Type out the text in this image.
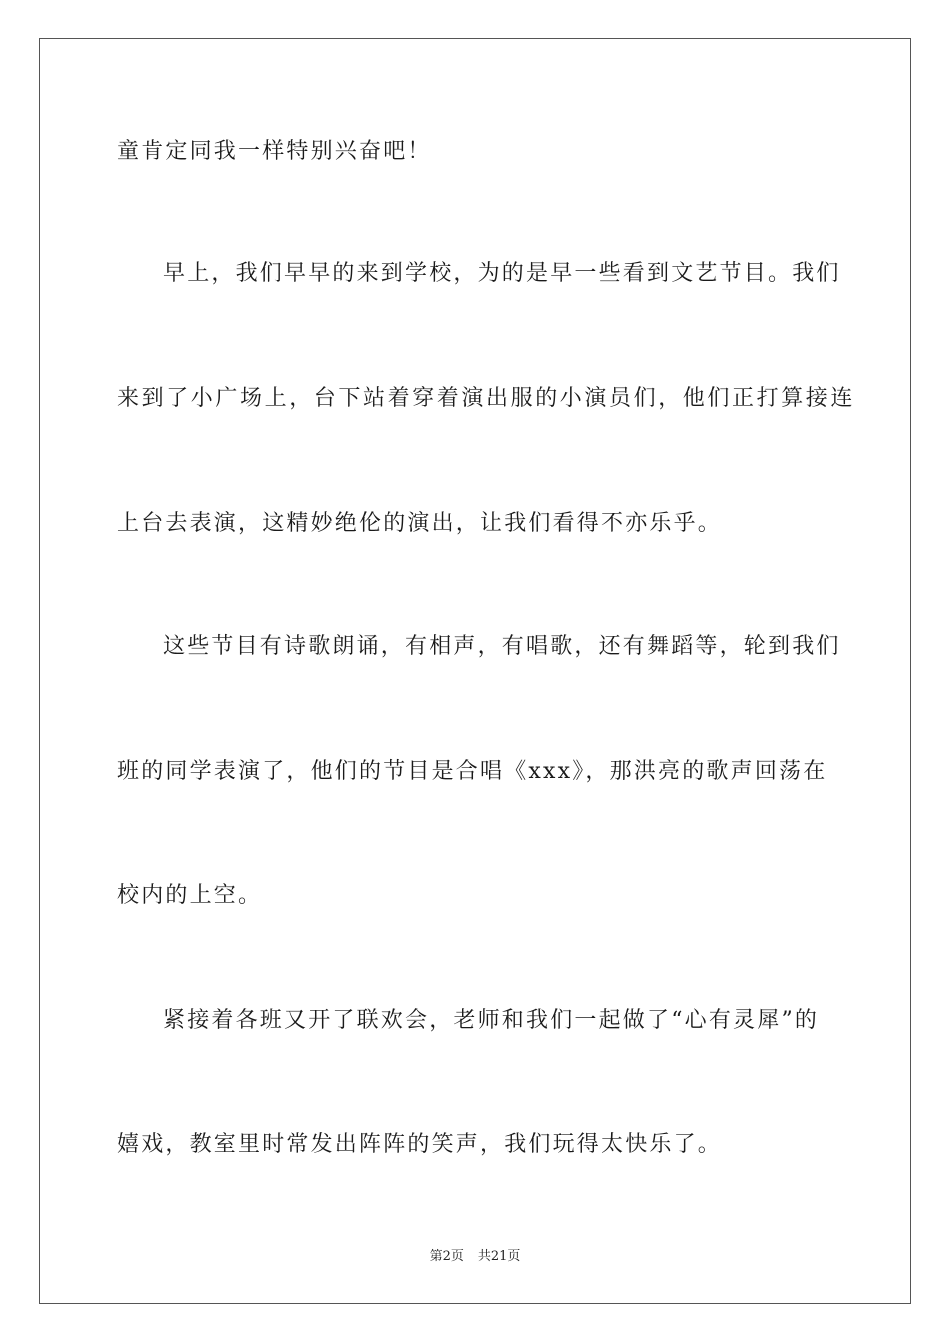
童肯定同我一样特别兴奋吧！
早上，我们早早的来到学校，为的是早一些看到文艺节目。我们
来到了小广场上，台下站着穿着演出服的小演员们，他们正打算接连
上台去表演，这精妙绝伦的演出，让我们看得不亦乐乎。
这些节目有诗歌朗诵，有相声，有唱歌，还有舞蹈等，轮到我们
班的同学表演了，他们的节目是合唱《xxx》，那洪亮的歌声回荡在
校内的上空。
紧接着各班又开了联欢会，老师和我们一起做了“心有灵犀”的
嬉戏，教室里时常发出阵阵的笑声，我们玩得太快乐了。
第2页 共21页
